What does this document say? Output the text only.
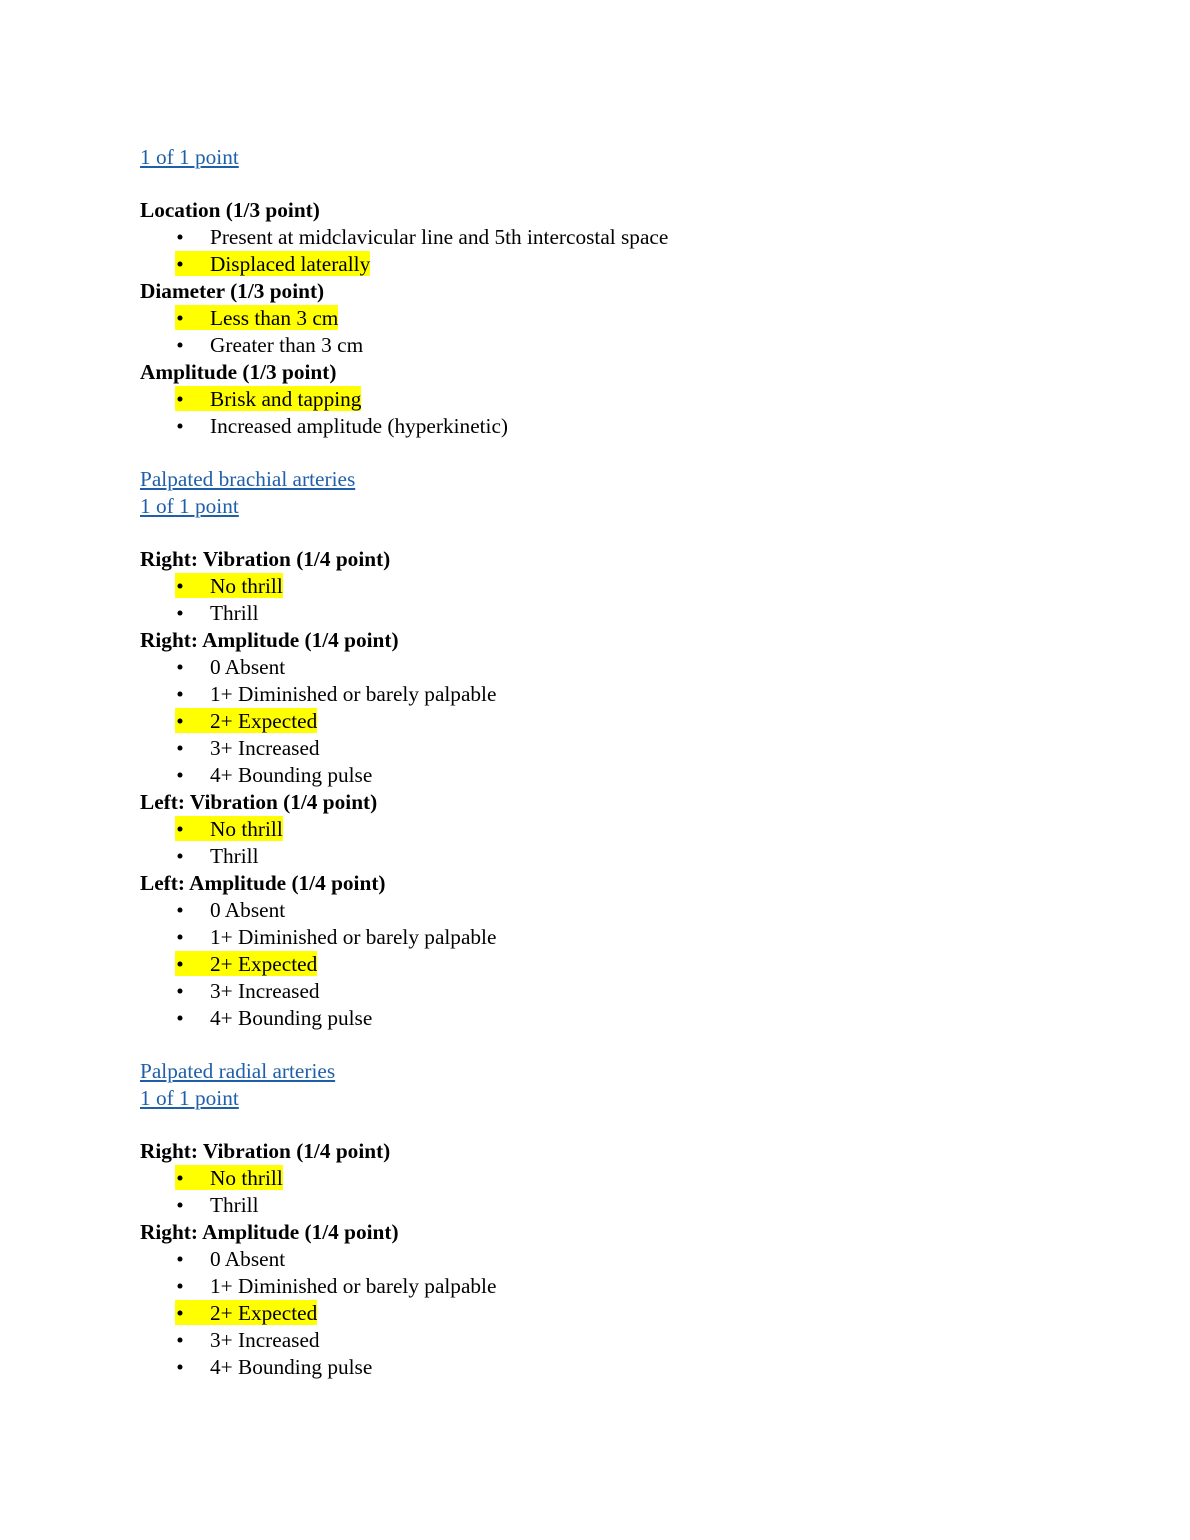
1 of 1 point
Location (1/3 point)
• Present at midclavicular line and 5th intercostal space
• Displaced laterally
Diameter (1/3 point)
• Less than 3 cm
• Greater than 3 cm
Amplitude (1/3 point)
• Brisk and tapping
• Increased amplitude (hyperkinetic)
Palpated brachial arteries
1 of 1 point
Right: Vibration (1/4 point)
• No thrill
• Thrill
Right: Amplitude (1/4 point)
• 0 Absent
• 1+ Diminished or barely palpable
• 2+ Expected
• 3+ Increased
• 4+ Bounding pulse
Left: Vibration (1/4 point)
• No thrill
• Thrill
Left: Amplitude (1/4 point)
• 0 Absent
• 1+ Diminished or barely palpable
• 2+ Expected
• 3+ Increased
• 4+ Bounding pulse
Palpated radial arteries
1 of 1 point
Right: Vibration (1/4 point)
• No thrill
• Thrill
Right: Amplitude (1/4 point)
• 0 Absent
• 1+ Diminished or barely palpable
• 2+ Expected
• 3+ Increased
• 4+ Bounding pulse
